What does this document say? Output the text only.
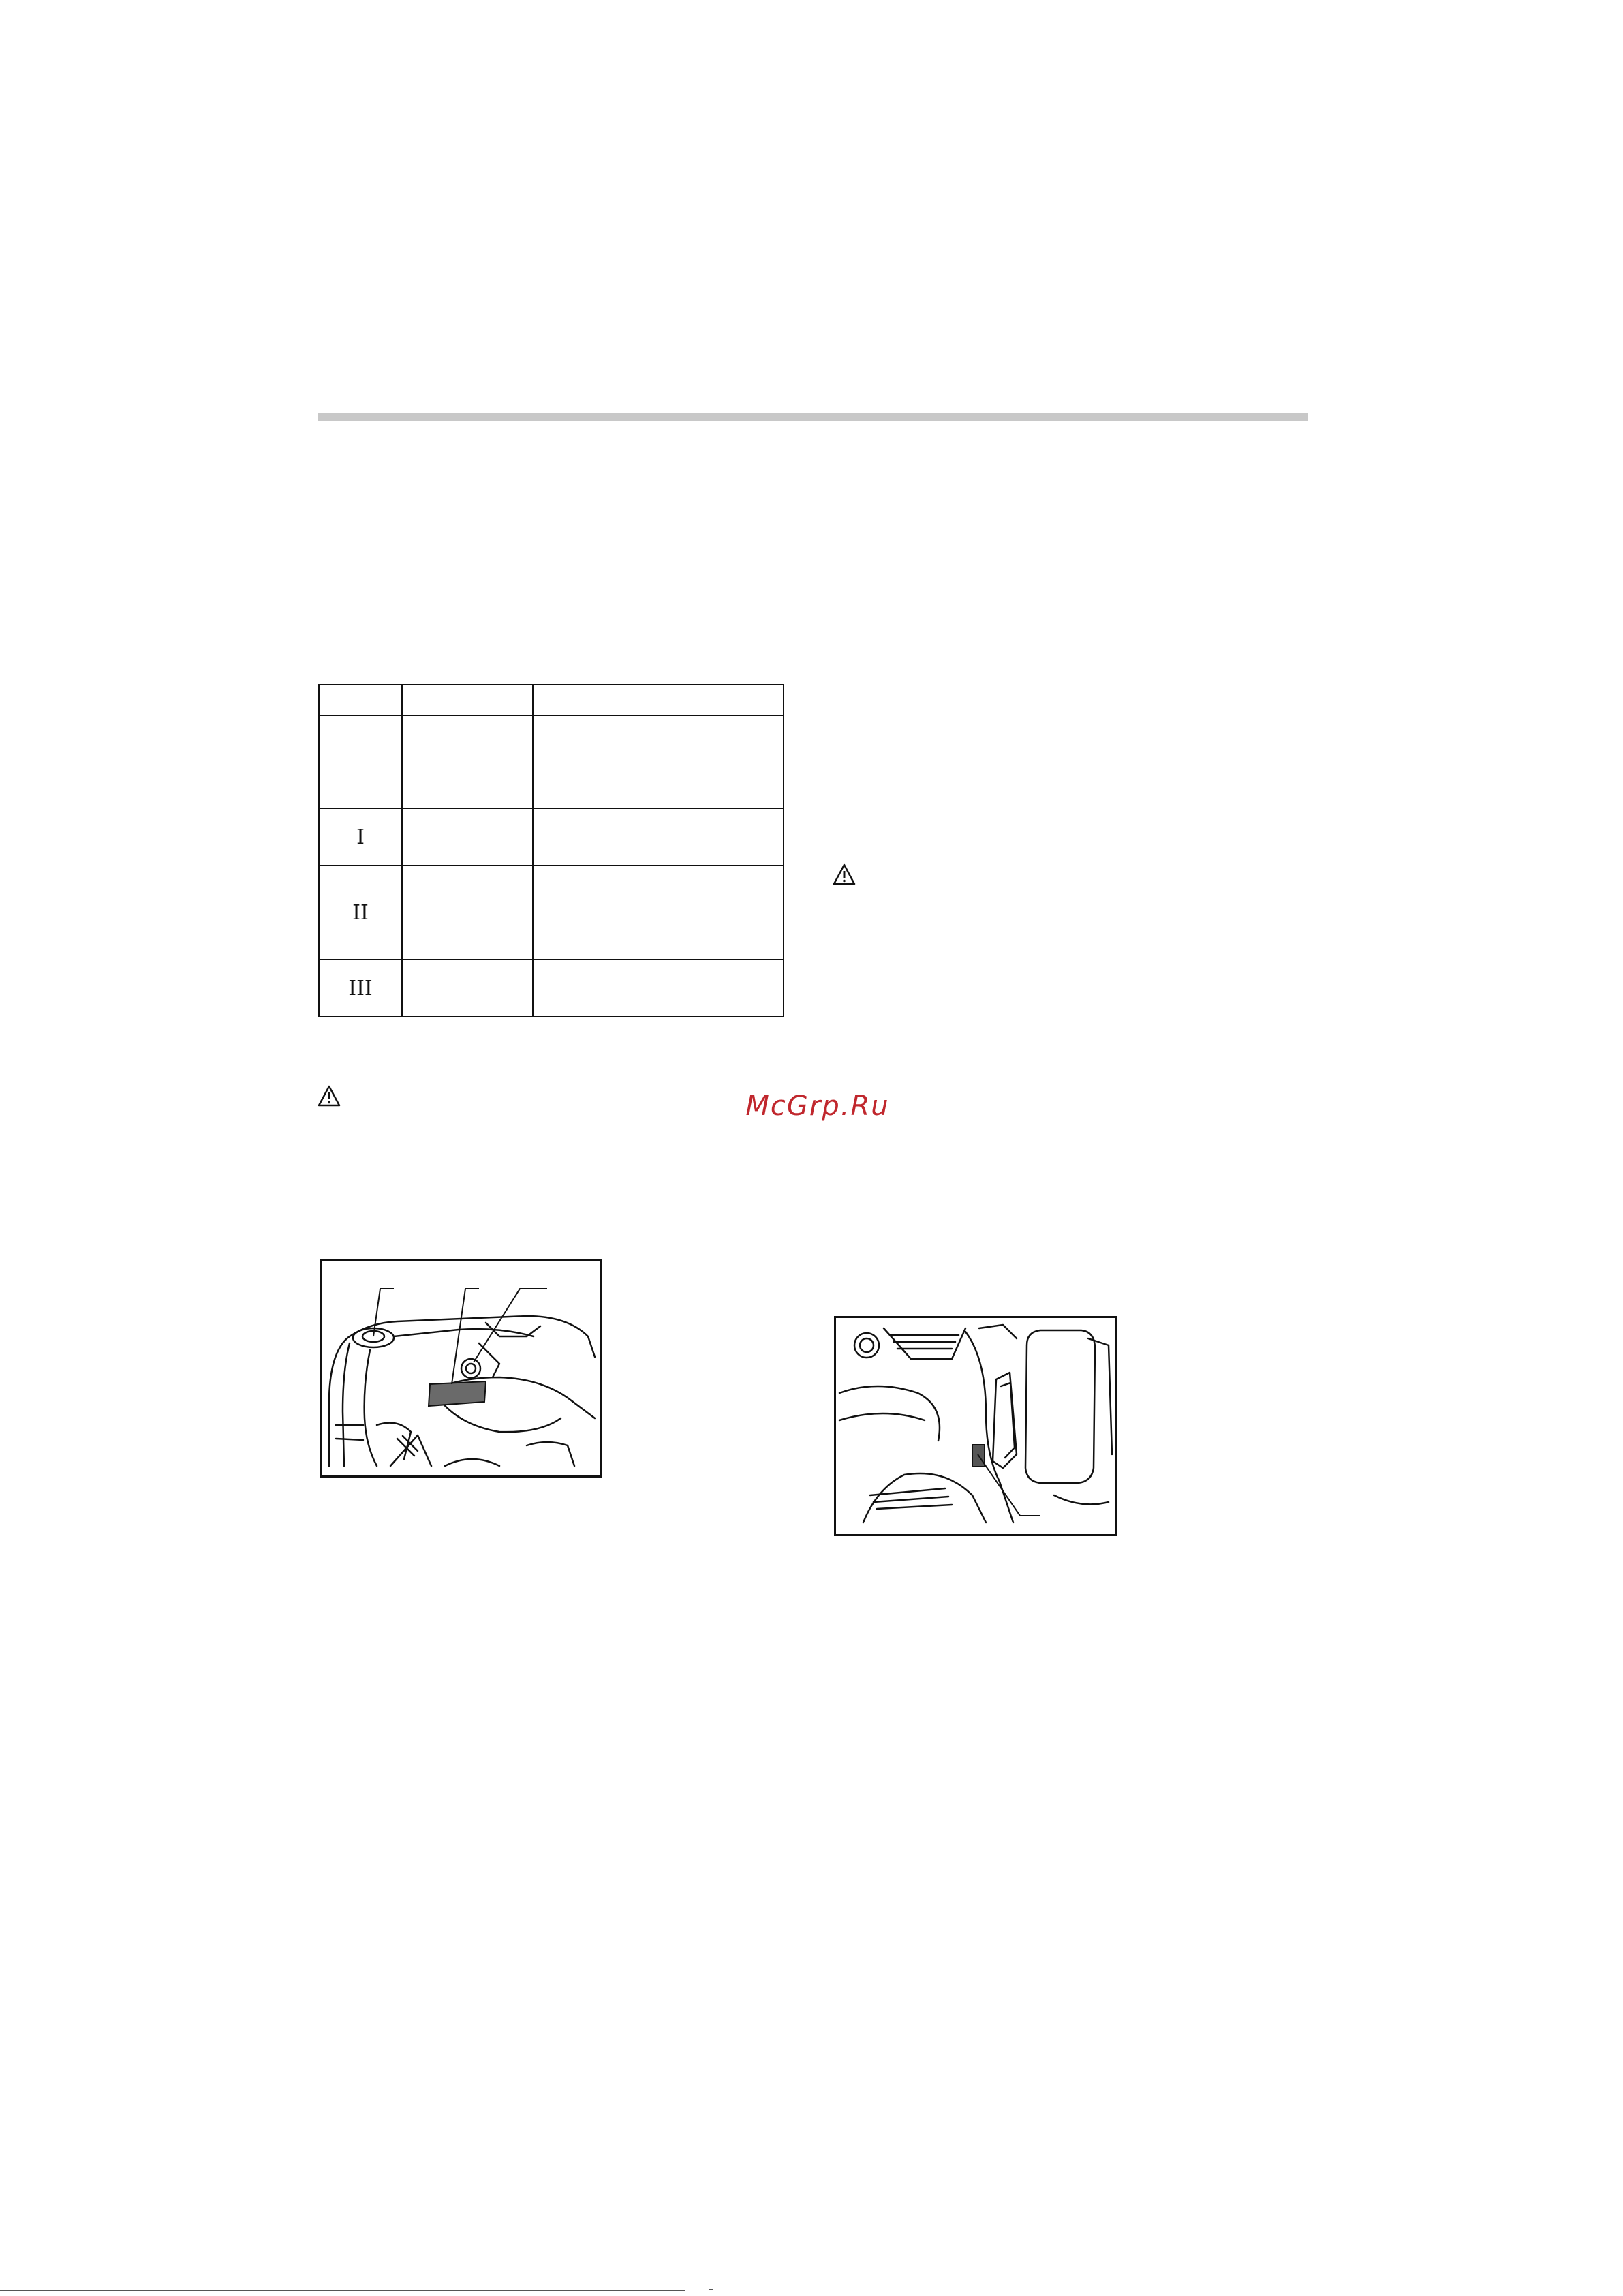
I		
II		
III		
McGrp.Ru
